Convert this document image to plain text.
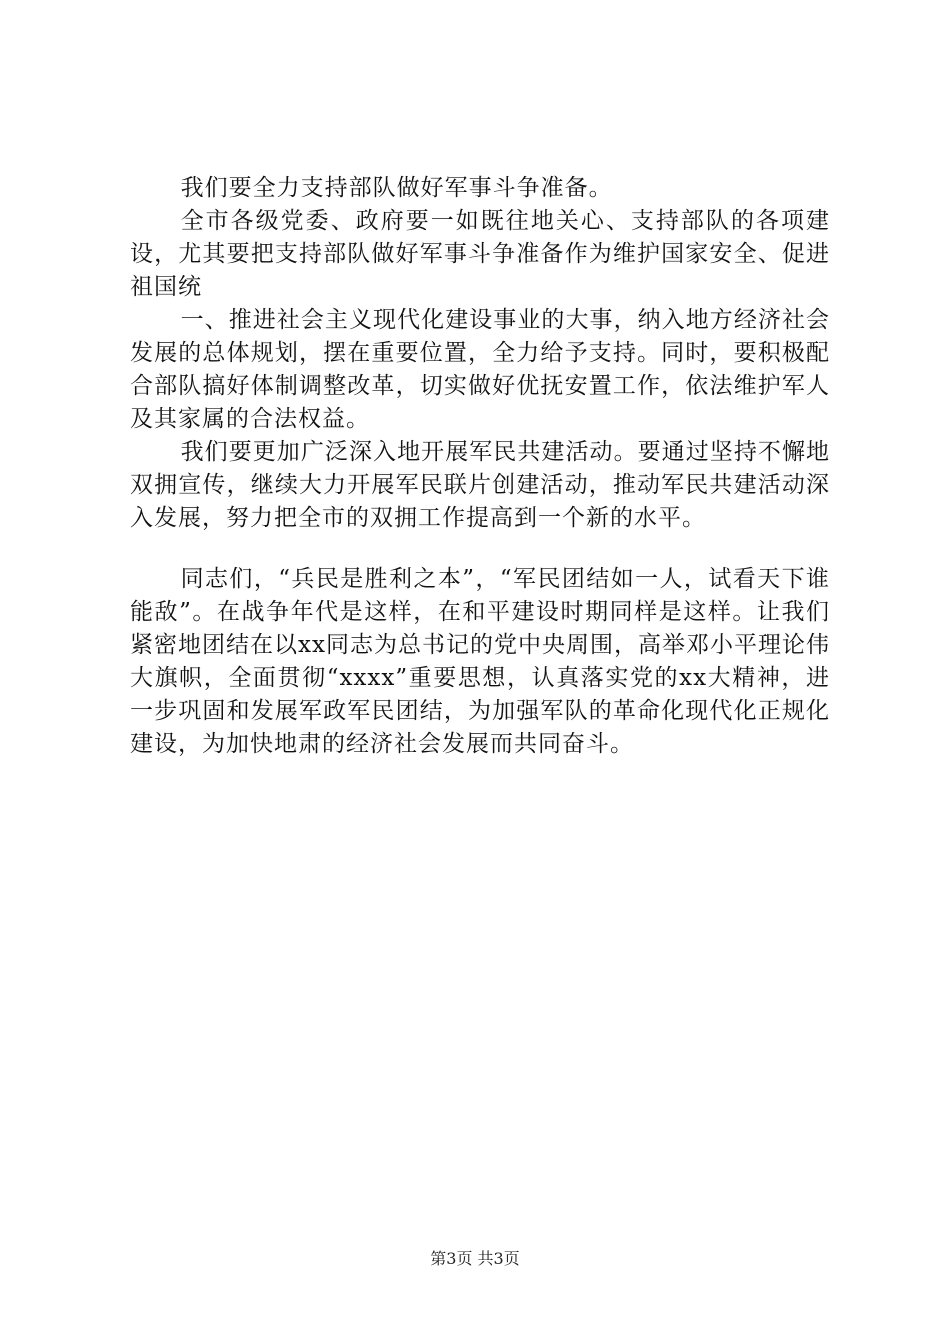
我们要全力支持部队做好军事斗争准备。

全市各级党委、政府要一如既往地关心、支持部队的各项建设，尤其要把支持部队做好军事斗争准备作为维护国家安全、促进祖国统

一、推进社会主义现代化建设事业的大事，纳入地方经济社会发展的总体规划，摆在重要位置，全力给予支持。同时，要积极配合部队搞好体制调整改革，切实做好优抚安置工作，依法维护军人及其家属的合法权益。

我们要更加广泛深入地开展军民共建活动。要通过坚持不懈地双拥宣传，继续大力开展军民联片创建活动，推动军民共建活动深入发展，努力把全市的双拥工作提高到一个新的水平。

同志们，“兵民是胜利之本”，“军民团结如一人，试看天下谁能敌”。在战争年代是这样，在和平建设时期同样是这样。让我们紧密地团结在以xx同志为总书记的党中央周围，高举邓小平理论伟大旗帜，全面贯彻“xxxx”重要思想，认真落实党的xx大精神，进一步巩固和发展军政军民团结，为加强军队的革命化现代化正规化建设，为加快地肃的经济社会发展而共同奋斗。

第3页 共3页
